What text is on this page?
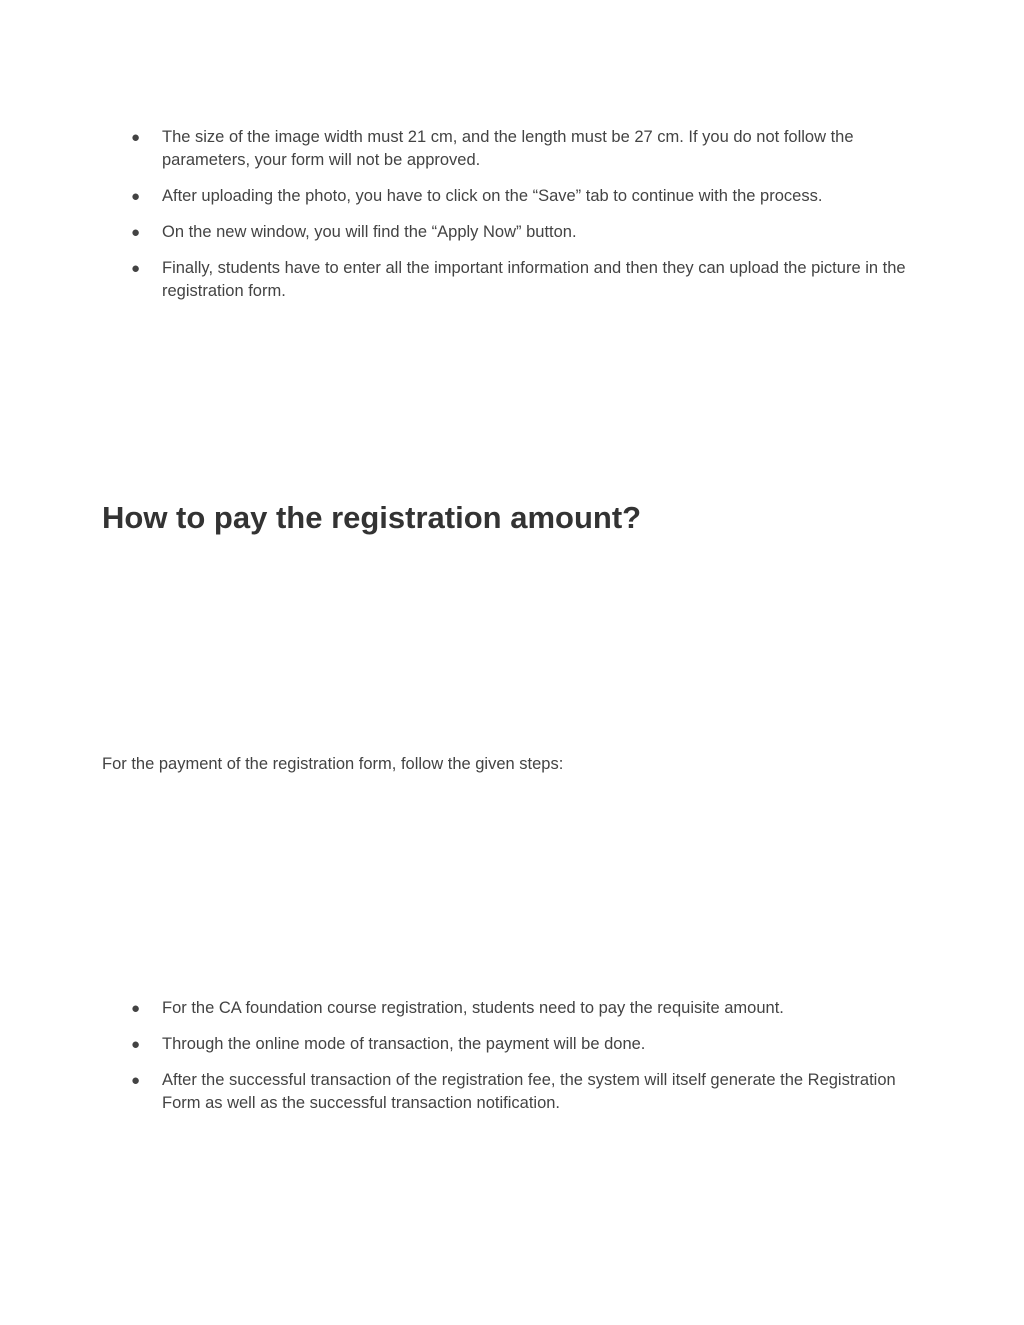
● The size of the image width must 21 cm, and the length must be 27 cm. If you do not follow the parameters, your form will not be approved.
● After uploading the photo, you have to click on the “Save” tab to continue with the process.
● On the new window, you will find the “Apply Now” button.
● Finally, students have to enter all the important information and then they can upload the picture in the registration form.
How to pay the registration amount?

For the payment of the registration form, follow the given steps:

● For the CA foundation course registration, students need to pay the requisite amount.
● Through the online mode of transaction, the payment will be done.
● After the successful transaction of the registration fee, the system will itself generate the Registration Form as well as the successful transaction notification.
